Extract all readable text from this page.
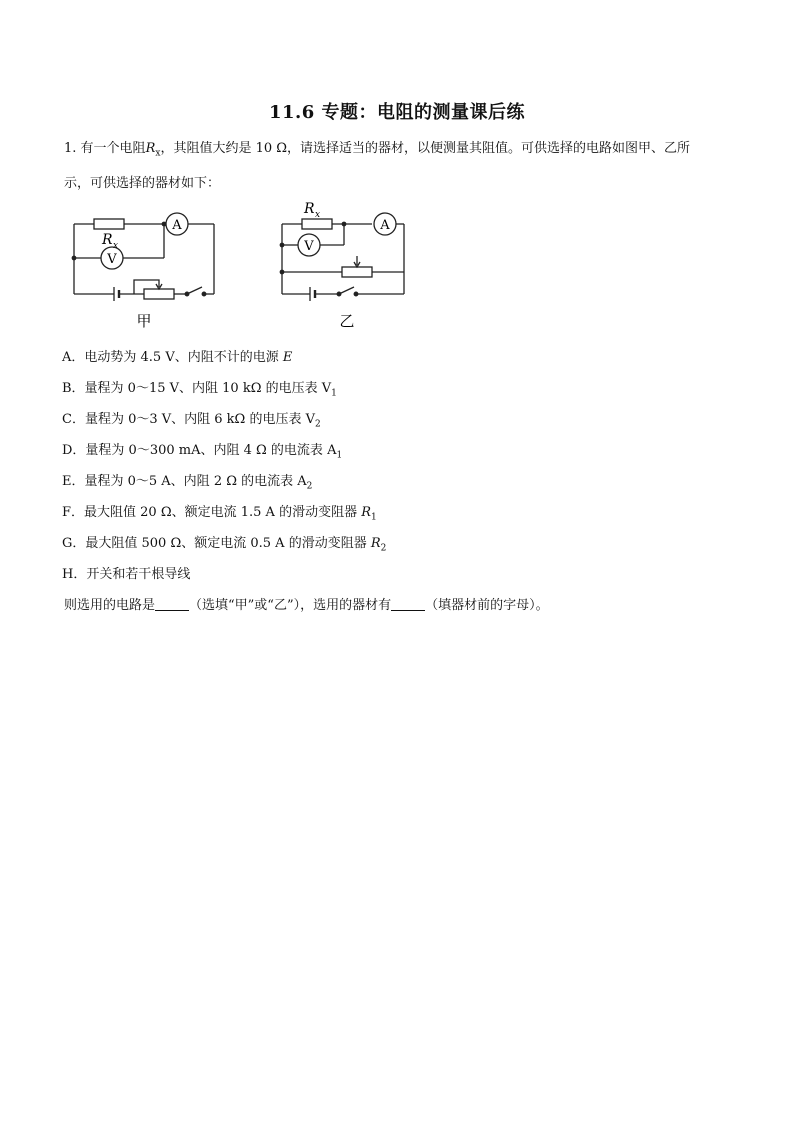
11.6 专题：电阻的测量课后练
1. 有一个电阻$R_x$，其阻值大约是 10 Ω，请选择适当的器材，以便测量其阻值。可供选择的电路如图甲、乙所
示，可供选择的器材如下：
R x
A
V
甲
R x
A
V
乙
A．电动势为 4.5 V、内阻不计的电源 E
B．量程为 0～15 V、内阻 10 kΩ 的电压表 $V_1$
C．量程为 0～3 V、内阻 6 kΩ 的电压表 $V_2$
D．量程为 0～300 mA、内阻 4 Ω 的电流表 $A_1$
E．量程为 0～5 A、内阻 2 Ω 的电流表 $A_2$
F．最大阻值 20 Ω、额定电流 1.5 A 的滑动变阻器 $R_1$
G．最大阻值 500 Ω、额定电流 0.5 A 的滑动变阻器 $R_2$
H．开关和若干根导线
则选用的电路是	（选填“甲”或“乙”），选用的器材有	（填器材前的字母）。
